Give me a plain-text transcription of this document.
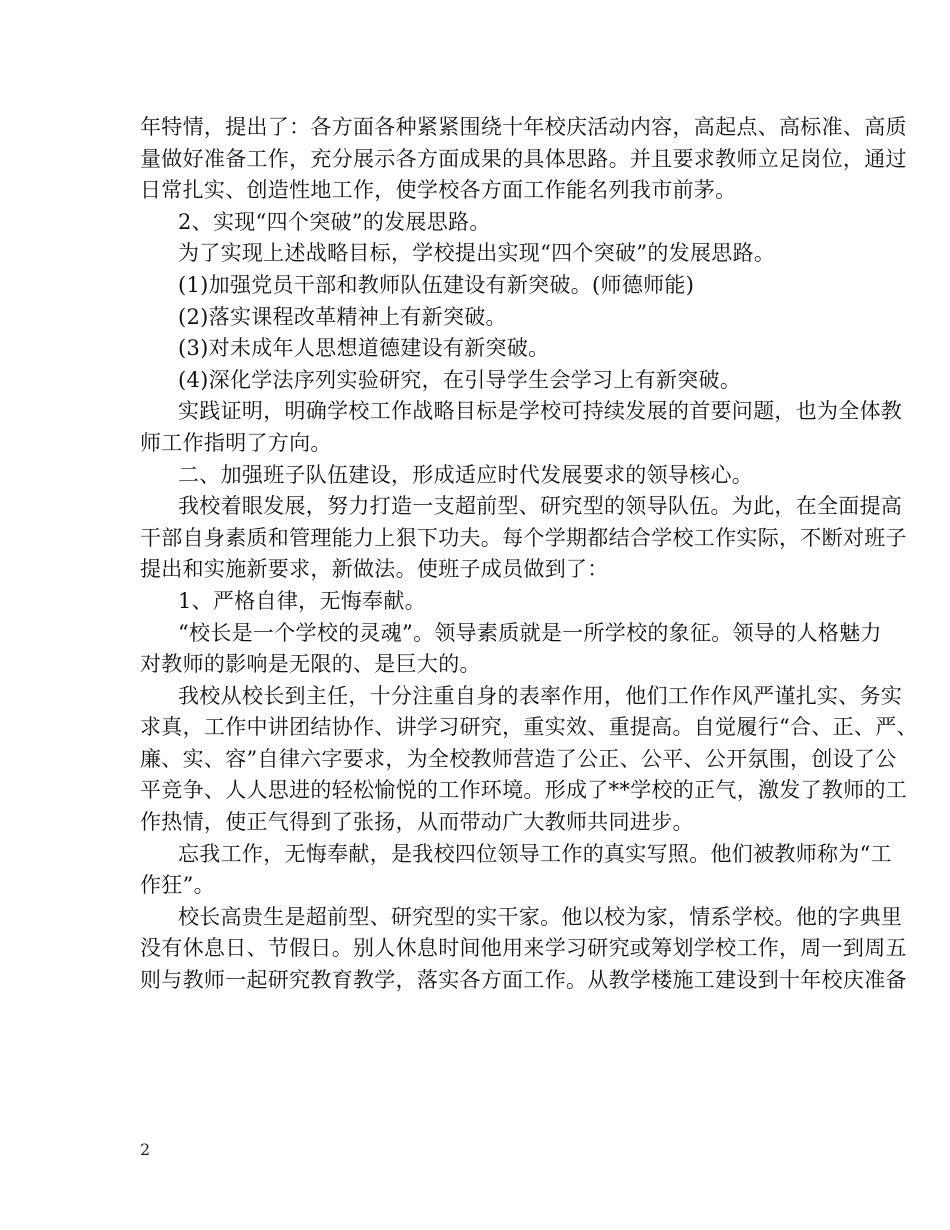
年特情，提出了：各方面各种紧紧围绕十年校庆活动内容，高起点、高标准、高质
量做好准备工作，充分展示各方面成果的具体思路。并且要求教师立足岗位，通过
日常扎实、创造性地工作，使学校各方面工作能名列我市前茅。
2、实现“四个突破”的发展思路。
为了实现上述战略目标，学校提出实现“四个突破”的发展思路。
(1)加强党员干部和教师队伍建设有新突破。(师德师能)
(2)落实课程改革精神上有新突破。
(3)对未成年人思想道德建设有新突破。
(4)深化学法序列实验研究，在引导学生会学习上有新突破。
实践证明，明确学校工作战略目标是学校可持续发展的首要问题，也为全体教
师工作指明了方向。
二、加强班子队伍建设，形成适应时代发展要求的领导核心。
我校着眼发展，努力打造一支超前型、研究型的领导队伍。为此，在全面提高
干部自身素质和管理能力上狠下功夫。每个学期都结合学校工作实际，不断对班子
提出和实施新要求，新做法。使班子成员做到了：
1、严格自律，无悔奉献。
“校长是一个学校的灵魂”。领导素质就是一所学校的象征。领导的人格魅力
对教师的影响是无限的、是巨大的。
我校从校长到主任，十分注重自身的表率作用，他们工作作风严谨扎实、务实
求真，工作中讲团结协作、讲学习研究，重实效、重提高。自觉履行“合、正、严、
廉、实、容”自律六字要求，为全校教师营造了公正、公平、公开氛围，创设了公
平竞争、人人思进的轻松愉悦的工作环境。形成了**学校的正气，激发了教师的工
作热情，使正气得到了张扬，从而带动广大教师共同进步。
忘我工作，无悔奉献，是我校四位领导工作的真实写照。他们被教师称为“工
作狂”。
校长高贵生是超前型、研究型的实干家。他以校为家，情系学校。他的字典里
没有休息日、节假日。别人休息时间他用来学习研究或筹划学校工作，周一到周五
则与教师一起研究教育教学，落实各方面工作。从教学楼施工建设到十年校庆准备
2
